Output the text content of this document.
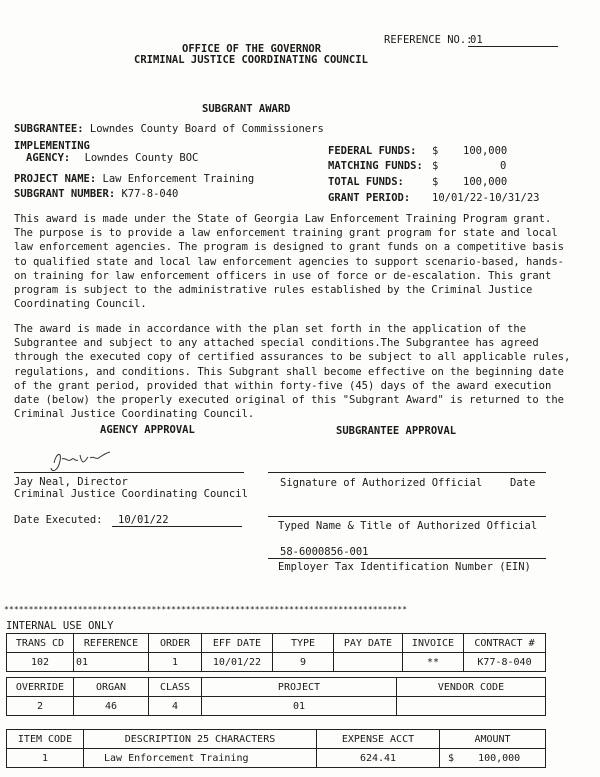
REFERENCE NO.:
01
OFFICE OF THE GOVERNOR
CRIMINAL JUSTICE COORDINATING COUNCIL
SUBGRANT AWARD
SUBGRANTEE: Lowndes County Board of Commissioners
IMPLEMENTING
AGENCY: Lowndes County BOC
PROJECT NAME: Law Enforcement Training
SUBGRANT NUMBER: K77-8-040
FEDERAL FUNDS: $ 100,000
MATCHING FUNDS: $	0
TOTAL FUNDS:	$ 100,000
GRANT PERIOD: 10/01/22-10/31/23
This award is made under the State of Georgia Law Enforcement Training Program grant. The purpose is to provide a law enforcement training grant program for state and local law enforcement agencies. The program is designed to grant funds on a competitive basis to qualified state and local law enforcement agencies to support scenario-based, hands-on training for law enforcement officers in use of force or de-escalation. This grant program is subject to the administrative rules established by the Criminal Justice Coordinating Council.
The award is made in accordance with the plan set forth in the application of the Subgrantee and subject to any attached special conditions.The Subgrantee has agreed through the executed copy of certified assurances to be subject to all applicable rules, regulations, and conditions. This Subgrant shall become effective on the beginning date of the grant period, provided that within forty-five (45) days of the award execution date (below) the properly executed original of this "Subgrant Award" is returned to the Criminal Justice Coordinating Council.
AGENCY APPROVAL	SUBGRANTEE APPROVAL
Jay Neal, Director
Criminal Justice Coordinating Council
Signature of Authorized Official	Date
Date Executed: 10/01/22	Typed Name & Title of Authorized Official
58-6000856-001
Employer Tax Identification Number (EIN)
**********************************************************************************
INTERNAL USE ONLY
TRANS CD	REFERENCE	ORDER	EFF DATE	TYPE	PAY DATE	INVOICE	CONTRACT #
102	01	1	10/01/22	9		**	K77-8-040
OVERRIDE	ORGAN	CLASS	PROJECT	VENDOR CODE
2	46	4	01	
ITEM CODE	DESCRIPTION 25 CHARACTERS	EXPENSE ACCT	AMOUNT
1	Law Enforcement Training	624.41	$ 100,000
